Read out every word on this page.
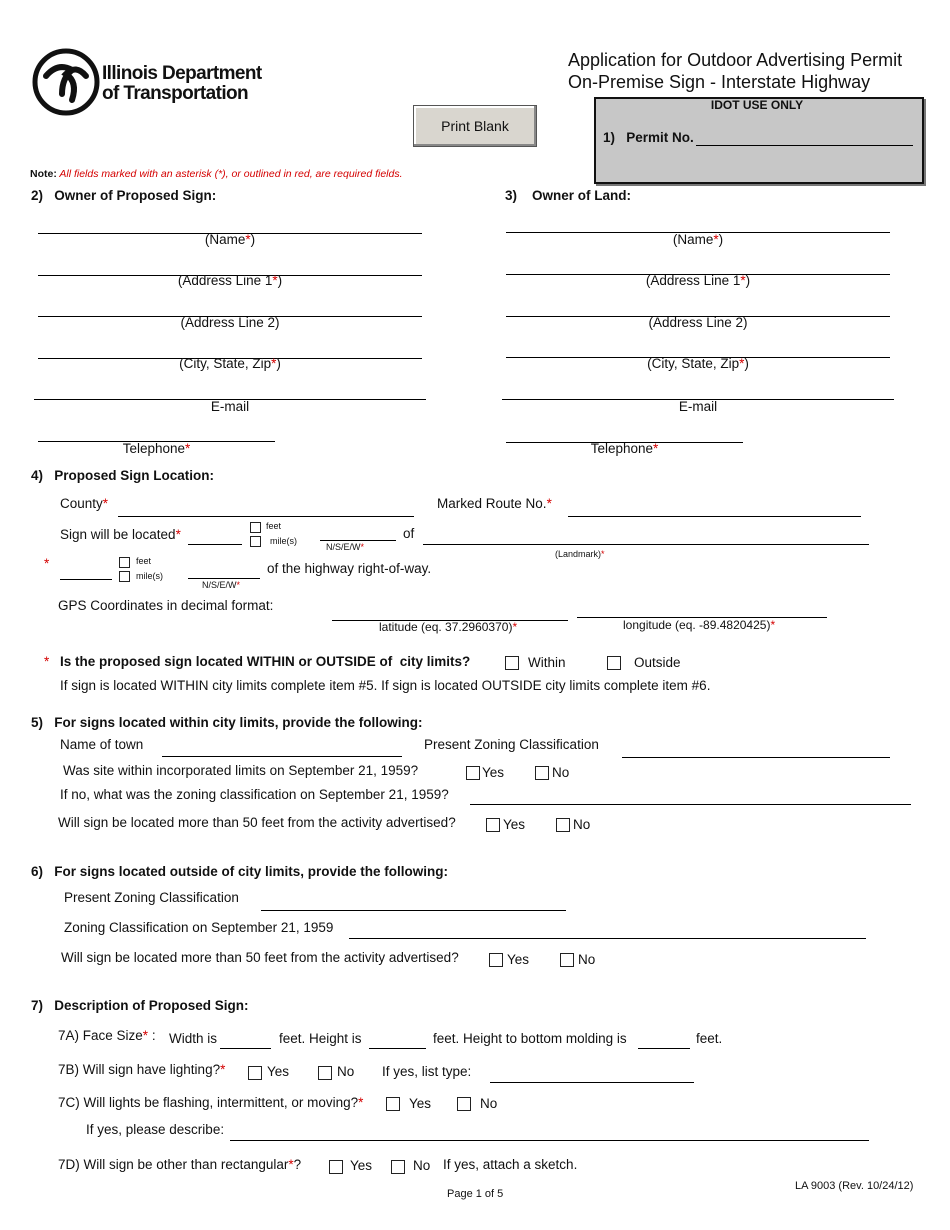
Illinois Department
of Transportation
Application for Outdoor Advertising Permit
On-Premise Sign - Interstate Highway
Print Blank
IDOT USE ONLY
1)   Permit No.
Note: All fields marked with an asterisk (*), or outlined in red, are required fields.
2)   Owner of Proposed Sign:
(Name*)
(Address Line 1*)
(Address Line 2)
(City, State, Zip*)
E-mail
Telephone*
3)    Owner of Land:
(Name*)
(Address Line 1*)
(Address Line 2)
(City, State, Zip*)
E-mail
Telephone*
4)   Proposed Sign Location:
County*	Marked Route No.*
Sign will be located*
feet
mile(s)
N/S/E/W*
of
(Landmark)*
*	feet
mile(s)
N/S/E/W*
of the highway right-of-way.
GPS Coordinates in decimal format:
latitude (eq. 37.2960370)*	longitude (eq. -89.4820425)*
* Is the proposed sign located WITHIN or OUTSIDE of  city limits?	Within	Outside
If sign is located WITHIN city limits complete item #5. If sign is located OUTSIDE city limits complete item #6.
5)   For signs located within city limits, provide the following:
Name of town	Present Zoning Classification
Was site within incorporated limits on September 21, 1959?	Yes	No
If no, what was the zoning classification on September 21, 1959?
Will sign be located more than 50 feet from the activity advertised?	Yes	No
6)   For signs located outside of city limits, provide the following:
Present Zoning Classification
Zoning Classification on September 21, 1959
Will sign be located more than 50 feet from the activity advertised?	Yes	No
7)   Description of Proposed Sign:
7A) Face Size* : Width is	feet. Height is	feet. Height to bottom molding is	feet.
7B) Will sign have lighting?*	Yes	No If yes, list type:
7C) Will lights be flashing, intermittent, or moving?*	Yes	No
If yes, please describe:
7D) Will sign be other than rectangular*?	Yes	No If yes, attach a sketch.
Page 1 of 5
LA 9003 (Rev. 10/24/12)
